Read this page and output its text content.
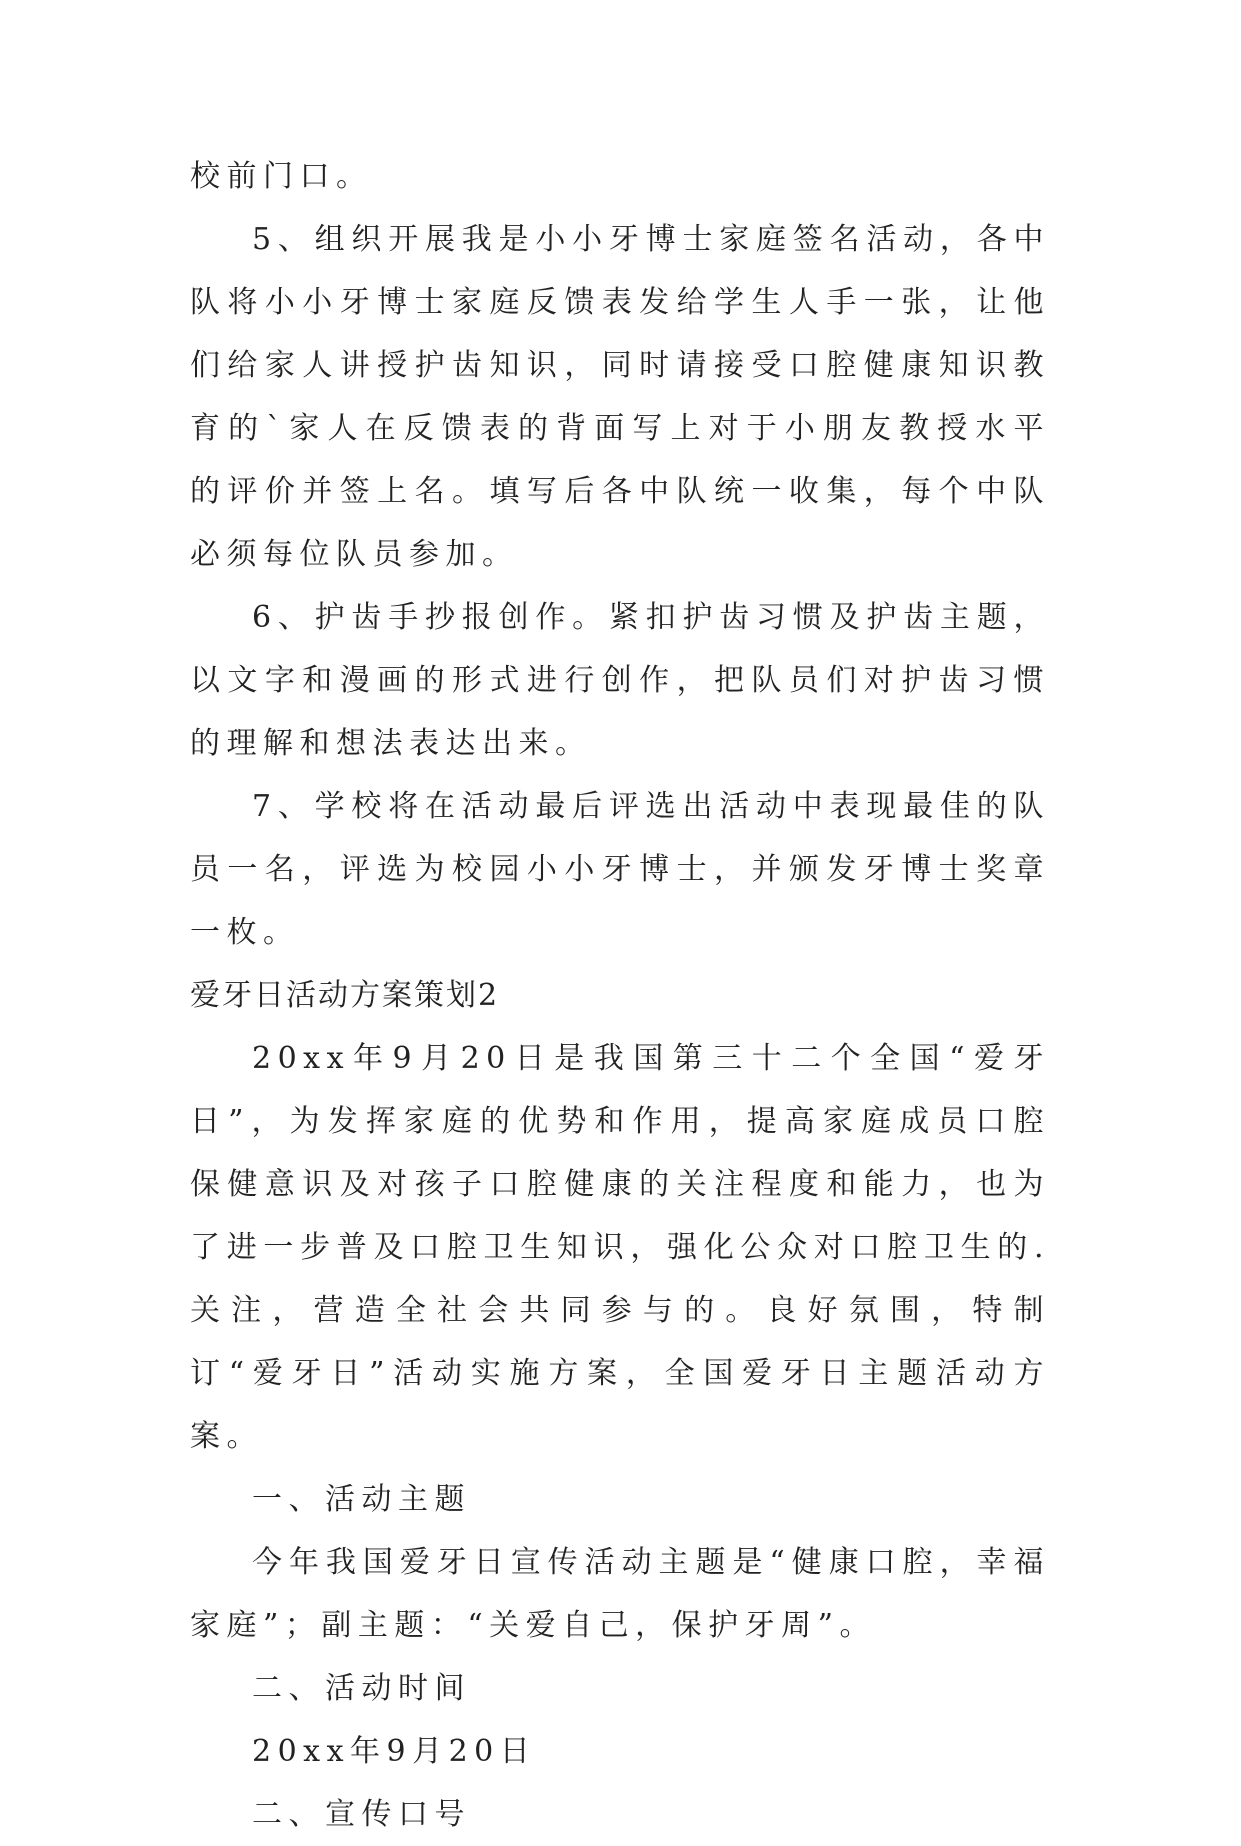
校前门口。

5、组织开展我是小小牙博士家庭签名活动，各中队将小小牙博士家庭反馈表发给学生人手一张，让他们给家人讲授护齿知识，同时请接受口腔健康知识教育的`家人在反馈表的背面写上对于小朋友教授水平的评价并签上名。填写后各中队统一收集，每个中队必须每位队员参加。

6、护齿手抄报创作。紧扣护齿习惯及护齿主题，以文字和漫画的形式进行创作，把队员们对护齿习惯的理解和想法表达出来。

7、学校将在活动最后评选出活动中表现最佳的队员一名，评选为校园小小牙博士，并颁发牙博士奖章一枚。

爱牙日活动方案策划2

20xx年9月20日是我国第三十二个全国“爱牙日”，为发挥家庭的优势和作用，提高家庭成员口腔保健意识及对孩子口腔健康的关注程度和能力，也为了进一步普及口腔卫生知识，强化公众对口腔卫生的.关注，营造全社会共同参与的。良好氛围，特制订“爱牙日”活动实施方案，全国爱牙日主题活动方案。

一、活动主题

今年我国爱牙日宣传活动主题是“健康口腔，幸福家庭”；副主题：“关爱自己，保护牙周”。

二、活动时间

20xx年9月20日

二、宣传口号
